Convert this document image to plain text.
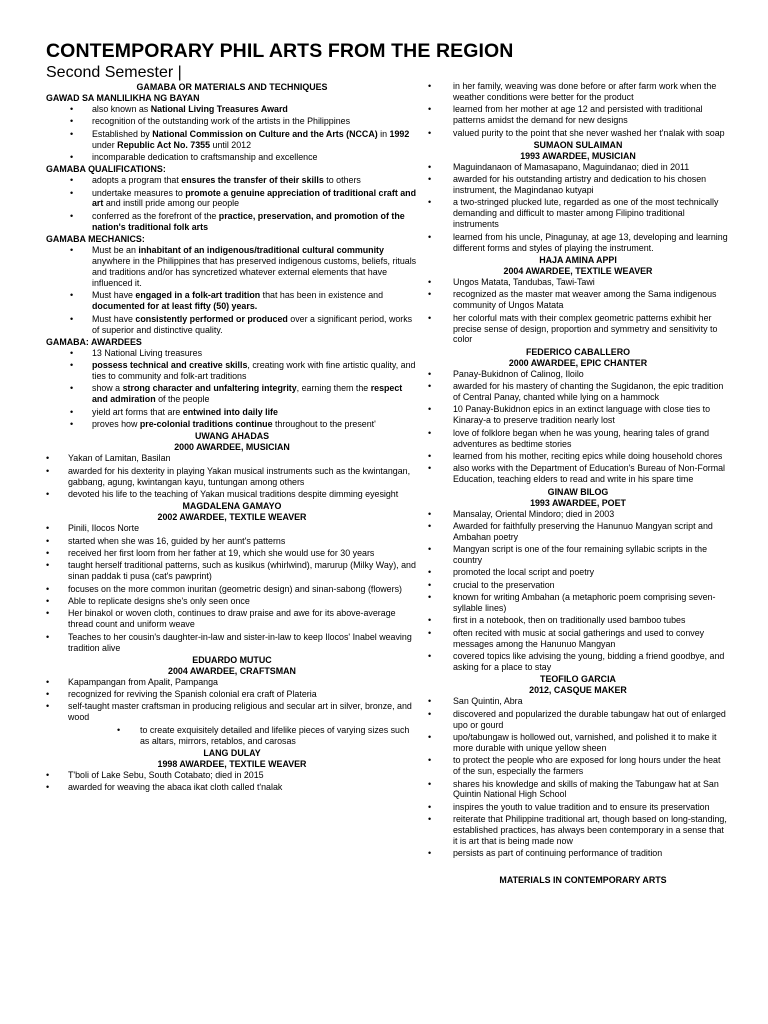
CONTEMPORARY PHIL ARTS FROM THE REGION
Second Semester |
GAMABA OR MATERIALS AND TECHNIQUES
GAWAD SA MANLILIKHA NG BAYAN
• also known as National Living Treasures Award
• recognition of the outstanding work of the artists in the Philippines
• Established by National Commission on Culture and the Arts (NCCA) in 1992 under Republic Act No. 7355 until 2012
• incomparable dedication to craftsmanship and excellence
GAMABA QUALIFICATIONS:
• adopts a program that ensures the transfer of their skills to others
• undertake measures to promote a genuine appreciation of traditional craft and art and instill pride among our people
• conferred as the forefront of the practice, preservation, and promotion of the nation's traditional folk arts
GAMABA MECHANICS:
• Must be an inhabitant of an indigenous/traditional cultural community anywhere in the Philippines that has preserved indigenous customs, beliefs, rituals and traditions and/or has syncretized whatever external elements that have influenced it.
• Must have engaged in a folk-art tradition that has been in existence and documented for at least fifty (50) years.
• Must have consistently performed or produced over a significant period, works of superior and distinctive quality.
GAMABA: AWARDEES
• 13 National Living treasures
• possess technical and creative skills, creating work with fine artistic quality, and ties to community and folk-art traditions
• show a strong character and unfaltering integrity, earning them the respect and admiration of the people
• yield art forms that are entwined into daily life
• proves how pre-colonial traditions continue throughout to the present'
UWANG AHADAS
2000 AWARDEE, MUSICIAN
• Yakan of Lamitan, Basilan
• awarded for his dexterity in playing Yakan musical instruments such as the kwintangan, gabbang, agung, kwintangan kayu, tuntungan among others
• devoted his life to the teaching of Yakan musical traditions despite dimming eyesight
MAGDALENA GAMAYO
2002 AWARDEE, TEXTILE WEAVER
• Pinili, Ilocos Norte
• started when she was 16, guided by her aunt's patterns
• received her first loom from her father at 19, which she would use for 30 years
• taught herself traditional patterns, such as kusikus (whirlwind), marurup (Milky Way), and sinan paddak ti pusa (cat's pawprint)
• focuses on the more common inuritan (geometric design) and sinan-sabong (flowers)
• Able to replicate designs she's only seen once
• Her binakol or woven cloth, continues to draw praise and awe for its above-average thread count and uniform weave
• Teaches to her cousin's daughter-in-law and sister-in-law to keep Ilocos' Inabel weaving tradition alive
EDUARDO MUTUC
2004 AWARDEE, CRAFTSMAN
• Kapampangan from Apalit, Pampanga
• recognized for reviving the Spanish colonial era craft of Plateria
• self-taught master craftsman in producing religious and secular art in silver, bronze, and wood
• to create exquisitely detailed and lifelike pieces of varying sizes such as altars, mirrors, retablos, and carosas
LANG DULAY
1998 AWARDEE, TEXTILE WEAVER
• T'boli of Lake Sebu, South Cotabato; died in 2015
• awarded for weaving the abaca ikat cloth called t'nalak
• in her family, weaving was done before or after farm work when the weather conditions were better for the product
• learned from her mother at age 12 and persisted with traditional patterns amidst the demand for new designs
• valued purity to the point that she never washed her t'nalak with soap
SUMAON SULAIMAN
1993 AWARDEE, MUSICIAN
• Maguindanaon of Mamasapano, Maguindanao; died in 2011
• awarded for his outstanding artistry and dedication to his chosen instrument, the Magindanao kutyapi
• a two-stringed plucked lute, regarded as one of the most technically demanding and difficult to master among Filipino traditional instruments
• learned from his uncle, Pinagunay, at age 13, developing and learning different forms and styles of playing the instrument.
HAJA AMINA APPI
2004 AWARDEE, TEXTILE WEAVER
• Ungos Matata, Tandubas, Tawi-Tawi
• recognized as the master mat weaver among the Sama indigenous community of Ungos Matata
• her colorful mats with their complex geometric patterns exhibit her precise sense of design, proportion and symmetry and sensitivity to color
FEDERICO CABALLERO
2000 AWARDEE, EPIC CHANTER
• Panay-Bukidnon of Calinog, Iloilo
• awarded for his mastery of chanting the Sugidanon, the epic tradition of Central Panay, chanted while lying on a hammock
• 10 Panay-Bukidnon epics in an extinct language with close ties to Kinaray-a to preserve tradition nearly lost
• love of folklore began when he was young, hearing tales of grand adventures as bedtime stories
• learned from his mother, reciting epics while doing household chores
• also works with the Department of Education's Bureau of Non-Formal Education, teaching elders to read and write in his spare time
GINAW BILOG
1993 AWARDEE, POET
• Mansalay, Oriental Mindoro; died in 2003
• Awarded for faithfully preserving the Hanunuo Mangyan script and Ambahan poetry
• Mangyan script is one of the four remaining syllabic scripts in the country
• promoted the local script and poetry
• crucial to the preservation
• known for writing Ambahan (a metaphoric poem comprising seven-syllable lines)
• first in a notebook, then on traditionally used bamboo tubes
• often recited with music at social gatherings and used to convey messages among the Hanunuo Mangyan
• covered topics like advising the young, bidding a friend goodbye, and asking for a place to stay
TEOFILO GARCIA
2012, CASQUE MAKER
• San Quintin, Abra
• discovered and popularized the durable tabungaw hat out of enlarged upo or gourd
• upo/tabungaw is hollowed out, varnished, and polished it to make it more durable with unique yellow sheen
• to protect the people who are exposed for long hours under the heat of the sun, especially the farmers
• shares his knowledge and skills of making the Tabungaw hat at San Quintin National High School
• inspires the youth to value tradition and to ensure its preservation
• reiterate that Philippine traditional art, though based on long-standing, established practices, has always been contemporary in a sense that it is art that is being made now
• persists as part of continuing performance of tradition
MATERIALS IN CONTEMPORARY ARTS
